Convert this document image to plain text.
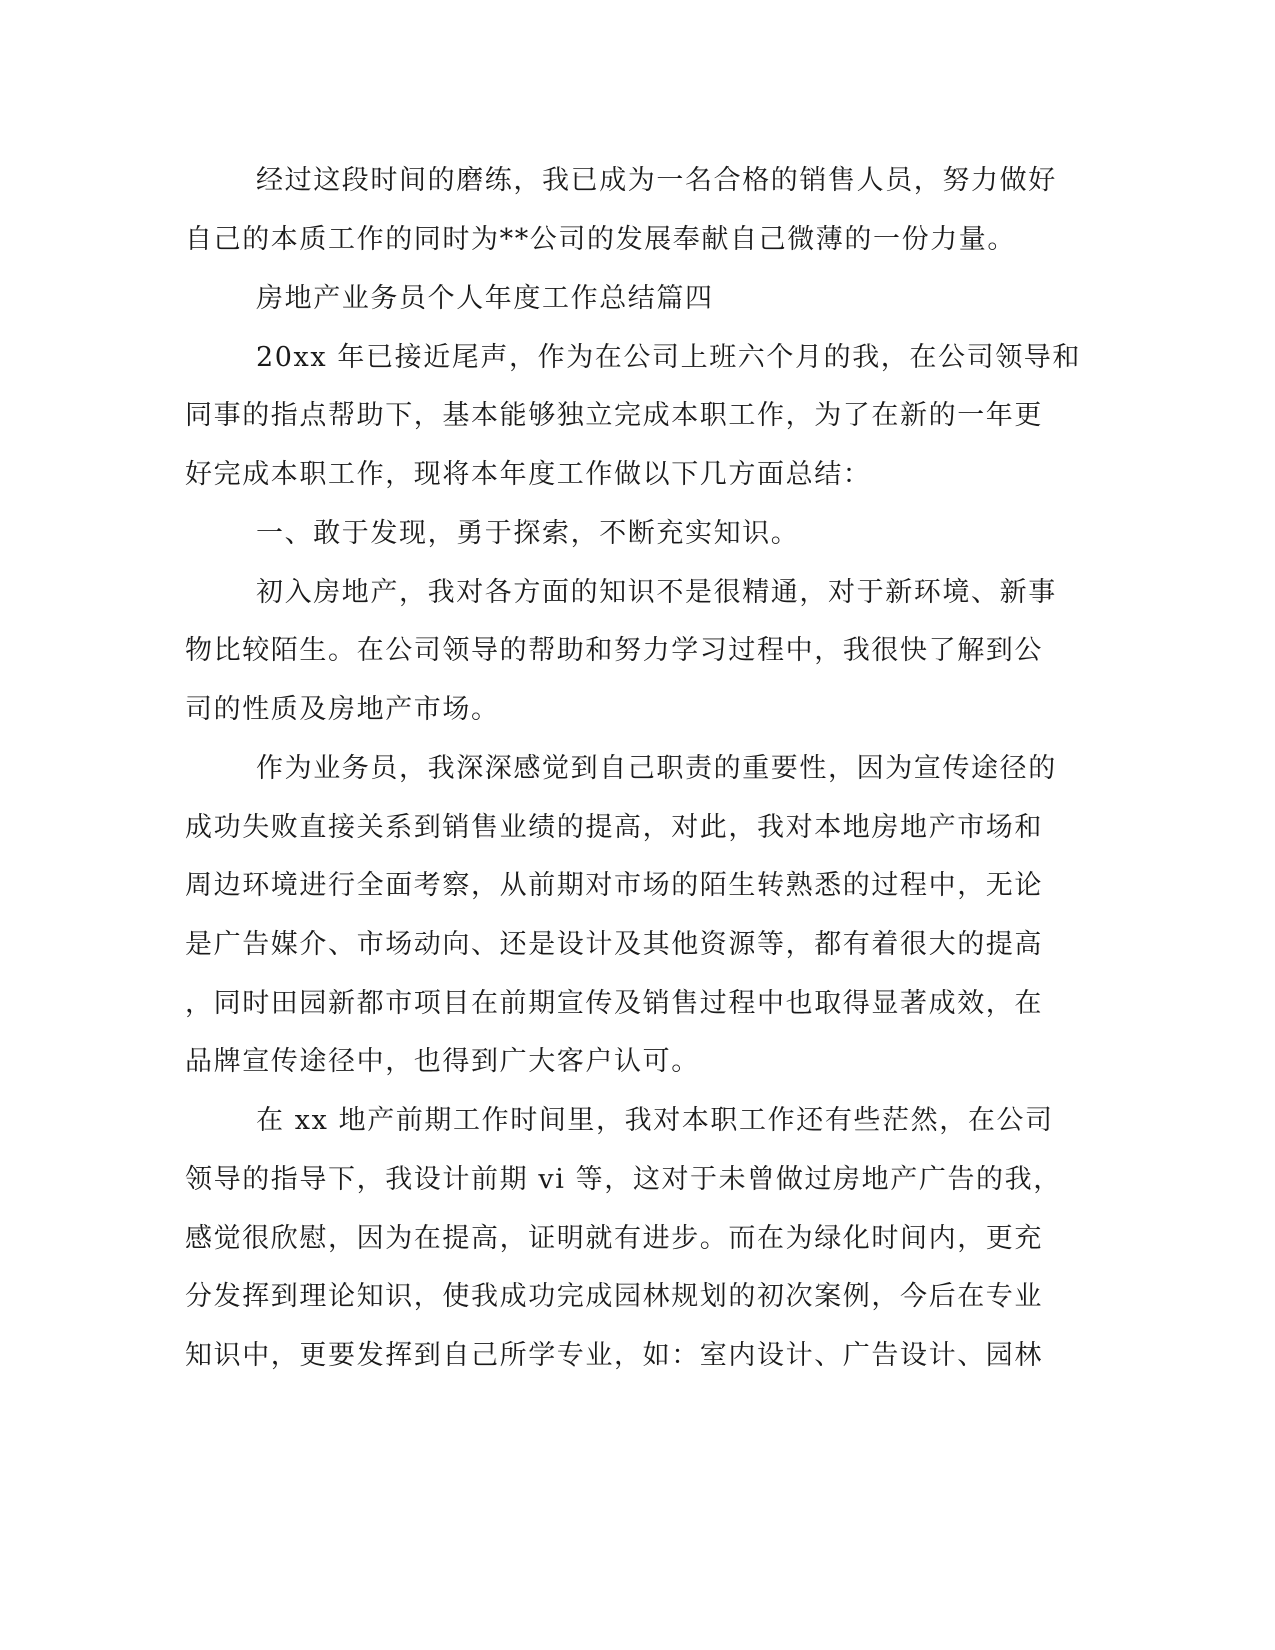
经过这段时间的磨练，我已成为一名合格的销售人员，努力做好

自己的本质工作的同时为**公司的发展奉献自己微薄的一份力量。

房地产业务员个人年度工作总结篇四

20xx 年已接近尾声，作为在公司上班六个月的我，在公司领导和

同事的指点帮助下，基本能够独立完成本职工作，为了在新的一年更

好完成本职工作，现将本年度工作做以下几方面总结：

一、敢于发现，勇于探索，不断充实知识。

初入房地产，我对各方面的知识不是很精通，对于新环境、新事

物比较陌生。在公司领导的帮助和努力学习过程中，我很快了解到公

司的性质及房地产市场。

作为业务员，我深深感觉到自己职责的重要性，因为宣传途径的

成功失败直接关系到销售业绩的提高，对此，我对本地房地产市场和

周边环境进行全面考察，从前期对市场的陌生转熟悉的过程中，无论

是广告媒介、市场动向、还是设计及其他资源等，都有着很大的提高

，同时田园新都市项目在前期宣传及销售过程中也取得显著成效，在

品牌宣传途径中，也得到广大客户认可。

在 xx 地产前期工作时间里，我对本职工作还有些茫然，在公司

领导的指导下，我设计前期 vi 等，这对于未曾做过房地产广告的我，

感觉很欣慰，因为在提高，证明就有进步。而在为绿化时间内，更充

分发挥到理论知识，使我成功完成园林规划的初次案例，今后在专业

知识中，更要发挥到自己所学专业，如：室内设计、广告设计、园林
